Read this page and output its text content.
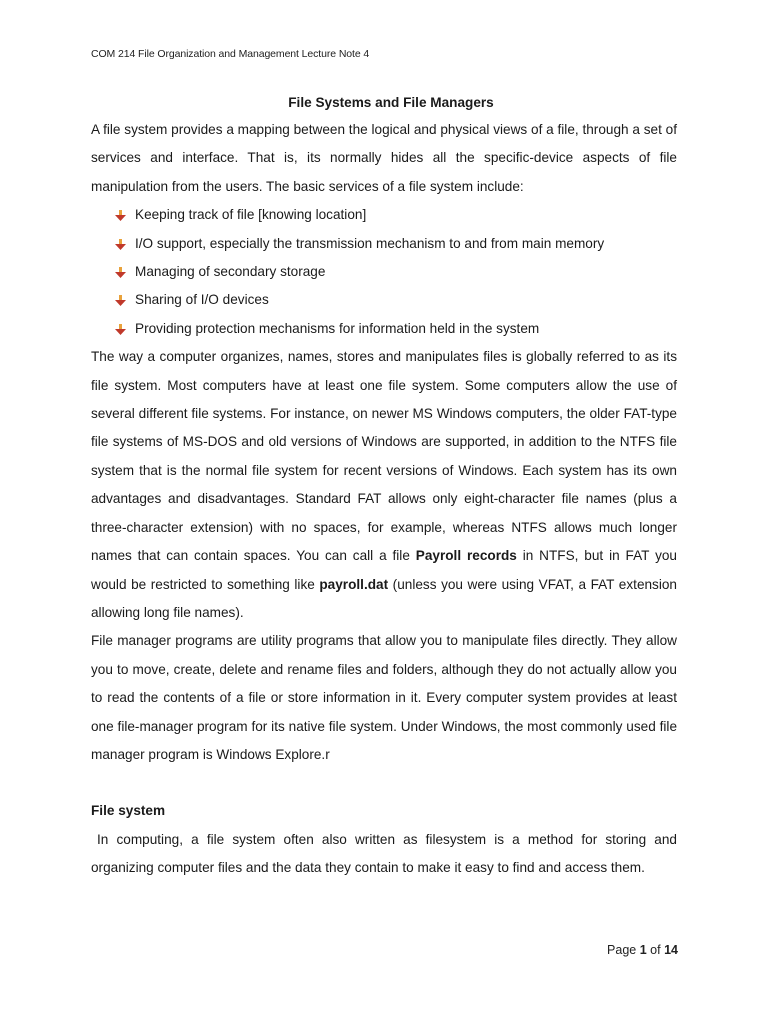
COM 214 File Organization and Management Lecture Note 4
File Systems and File Managers

A file system provides a mapping between the logical and physical views of a file, through a set of services and interface. That is, its normally hides all the specific-device aspects of file manipulation from the users. The basic services of a file system include:

Keeping track of file [knowing location]
I/O support, especially the transmission mechanism to and from main memory
Managing of secondary storage
Sharing of I/O devices
Providing protection mechanisms for information held in the system

The way a computer organizes, names, stores and manipulates files is globally referred to as its file system. Most computers have at least one file system. Some computers allow the use of several different file systems. For instance, on newer MS Windows computers, the older FAT-type file systems of MS-DOS and old versions of Windows are supported, in addition to the NTFS file system that is the normal file system for recent versions of Windows. Each system has its own advantages and disadvantages. Standard FAT allows only eight-character file names (plus a three-character extension) with no spaces, for example, whereas NTFS allows much longer names that can contain spaces. You can call a file Payroll records in NTFS, but in FAT you would be restricted to something like payroll.dat (unless you were using VFAT, a FAT extension allowing long file names).

File manager programs are utility programs that allow you to manipulate files directly. They allow you to move, create, delete and rename files and folders, although they do not actually allow you to read the contents of a file or store information in it. Every computer system provides at least one file-manager program for its native file system. Under Windows, the most commonly used file manager program is Windows Explore.r

File system

In computing, a file system often also written as filesystem is a method for storing and organizing computer files and the data they contain to make it easy to find and access them.

Page 1 of 14
